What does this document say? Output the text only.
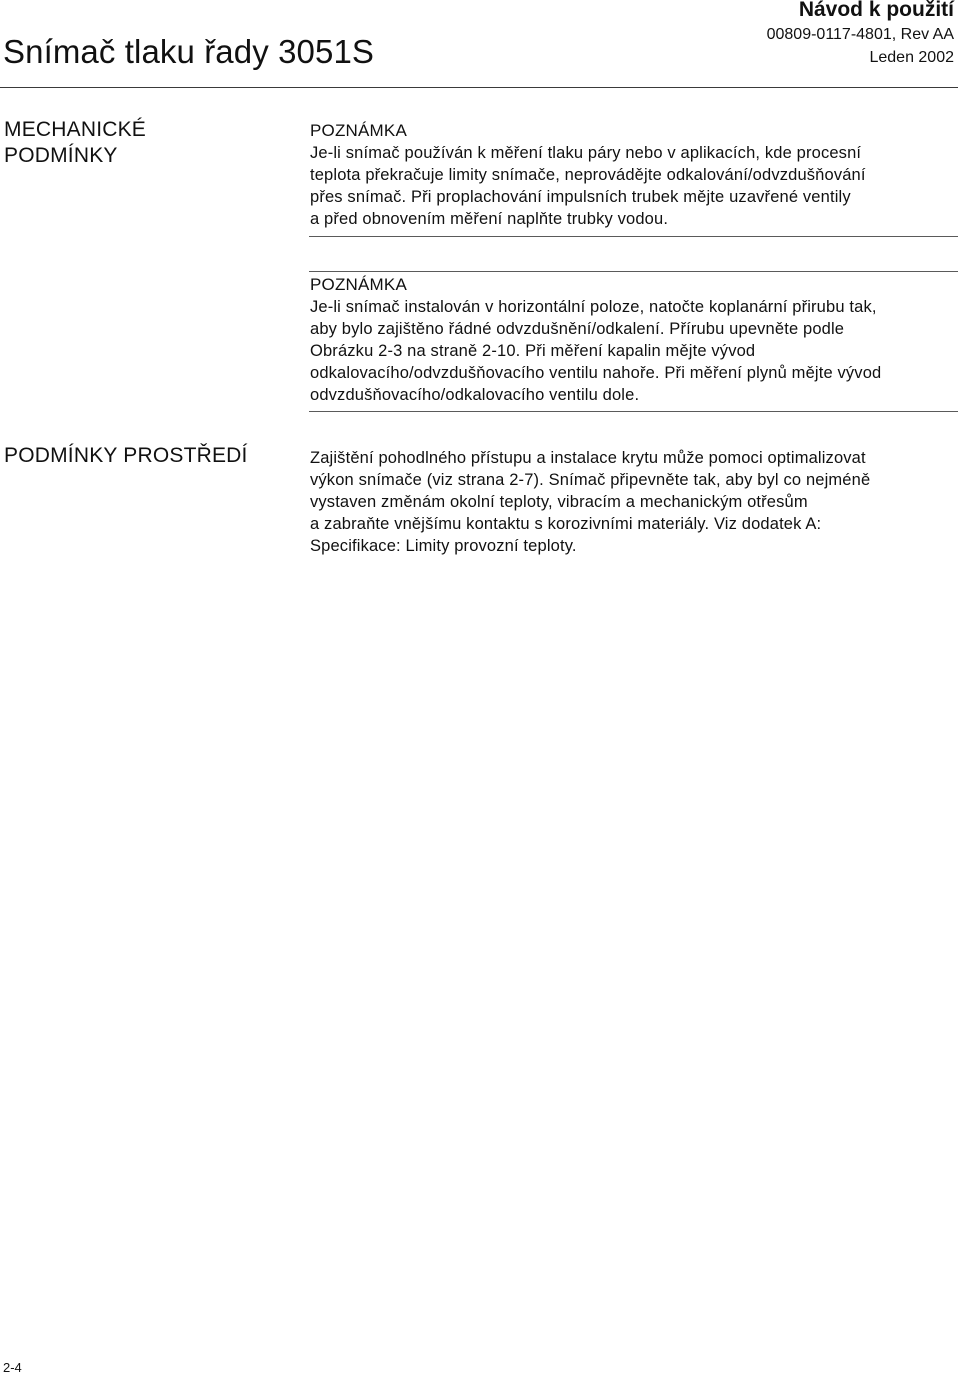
Snímač tlaku řady 3051S
Návod k použití
00809-0117-4801, Rev AA
Leden 2002
MECHANICKÉ
PODMÍNKY
POZNÁMKA
Je-li snímač používán k měření tlaku páry nebo v aplikacích, kde procesní
teplota překračuje limity snímače, neprovádějte odkalování/odvzdušňování
přes snímač. Při proplachování impulsních trubek mějte uzavřené ventily
a před obnovením měření naplňte trubky vodou.
POZNÁMKA
Je-li snímač instalován v horizontální poloze, natočte koplanární přirubu tak,
aby bylo zajištěno řádné odvzdušnění/odkalení. Přírubu upevněte podle
Obrázku 2-3 na straně 2-10. Při měření kapalin mějte vývod
odkalovacího/odvzdušňovacího ventilu nahoře. Při měření plynů mějte vývod
odvzdušňovacího/odkalovacího ventilu dole.
PODMÍNKY PROSTŘEDÍ	Zajištění pohodlného přístupu a instalace krytu může pomoci optimalizovat
výkon snímače (viz strana 2-7). Snímač připevněte tak, aby byl co nejméně
vystaven změnám okolní teploty, vibracím a mechanickým otřesům
a zabraňte vnějšímu kontaktu s korozivními materiály. Viz dodatek A:
Specifikace: Limity provozní teploty.
2-4
